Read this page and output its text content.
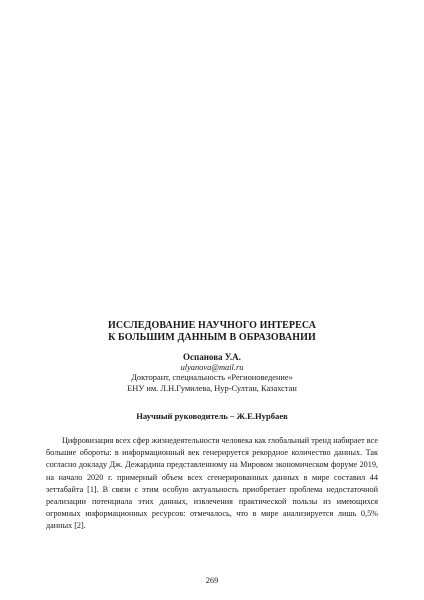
ИССЛЕДОВАНИЕ НАУЧНОГО ИНТЕРЕСА
К БОЛЬШИМ ДАННЫМ В ОБРАЗОВАНИИ
Оспанова У.А.
ulyanova@mail.ru
Докторант, специальность «Регионоведение»
ЕНУ им. Л.Н.Гумилева, Нур-Султан, Казахстан
Научный руководитель – Ж.Е.Нурбаев

Цифровизация всех сфер жизнедеятельности человека как глобальный тренд набирает все большие обороты: в информационный век генерируется рекордное количество данных. Так согласно докладу Дж. Дежардина представленному на Мировом экономическом форуме 2019, на начало 2020 г. примерный объем всех сгенерированных данных в мире составил 44 зеттабайта [1]. В связи с этим особую актуальность приобретает проблема недостаточной реализации потенциала этих данных, извлечения практической пользы из имеющихся огромных информационных ресурсов: отмечалось, что в мире анализируется лишь 0,5% данных [2].

269
